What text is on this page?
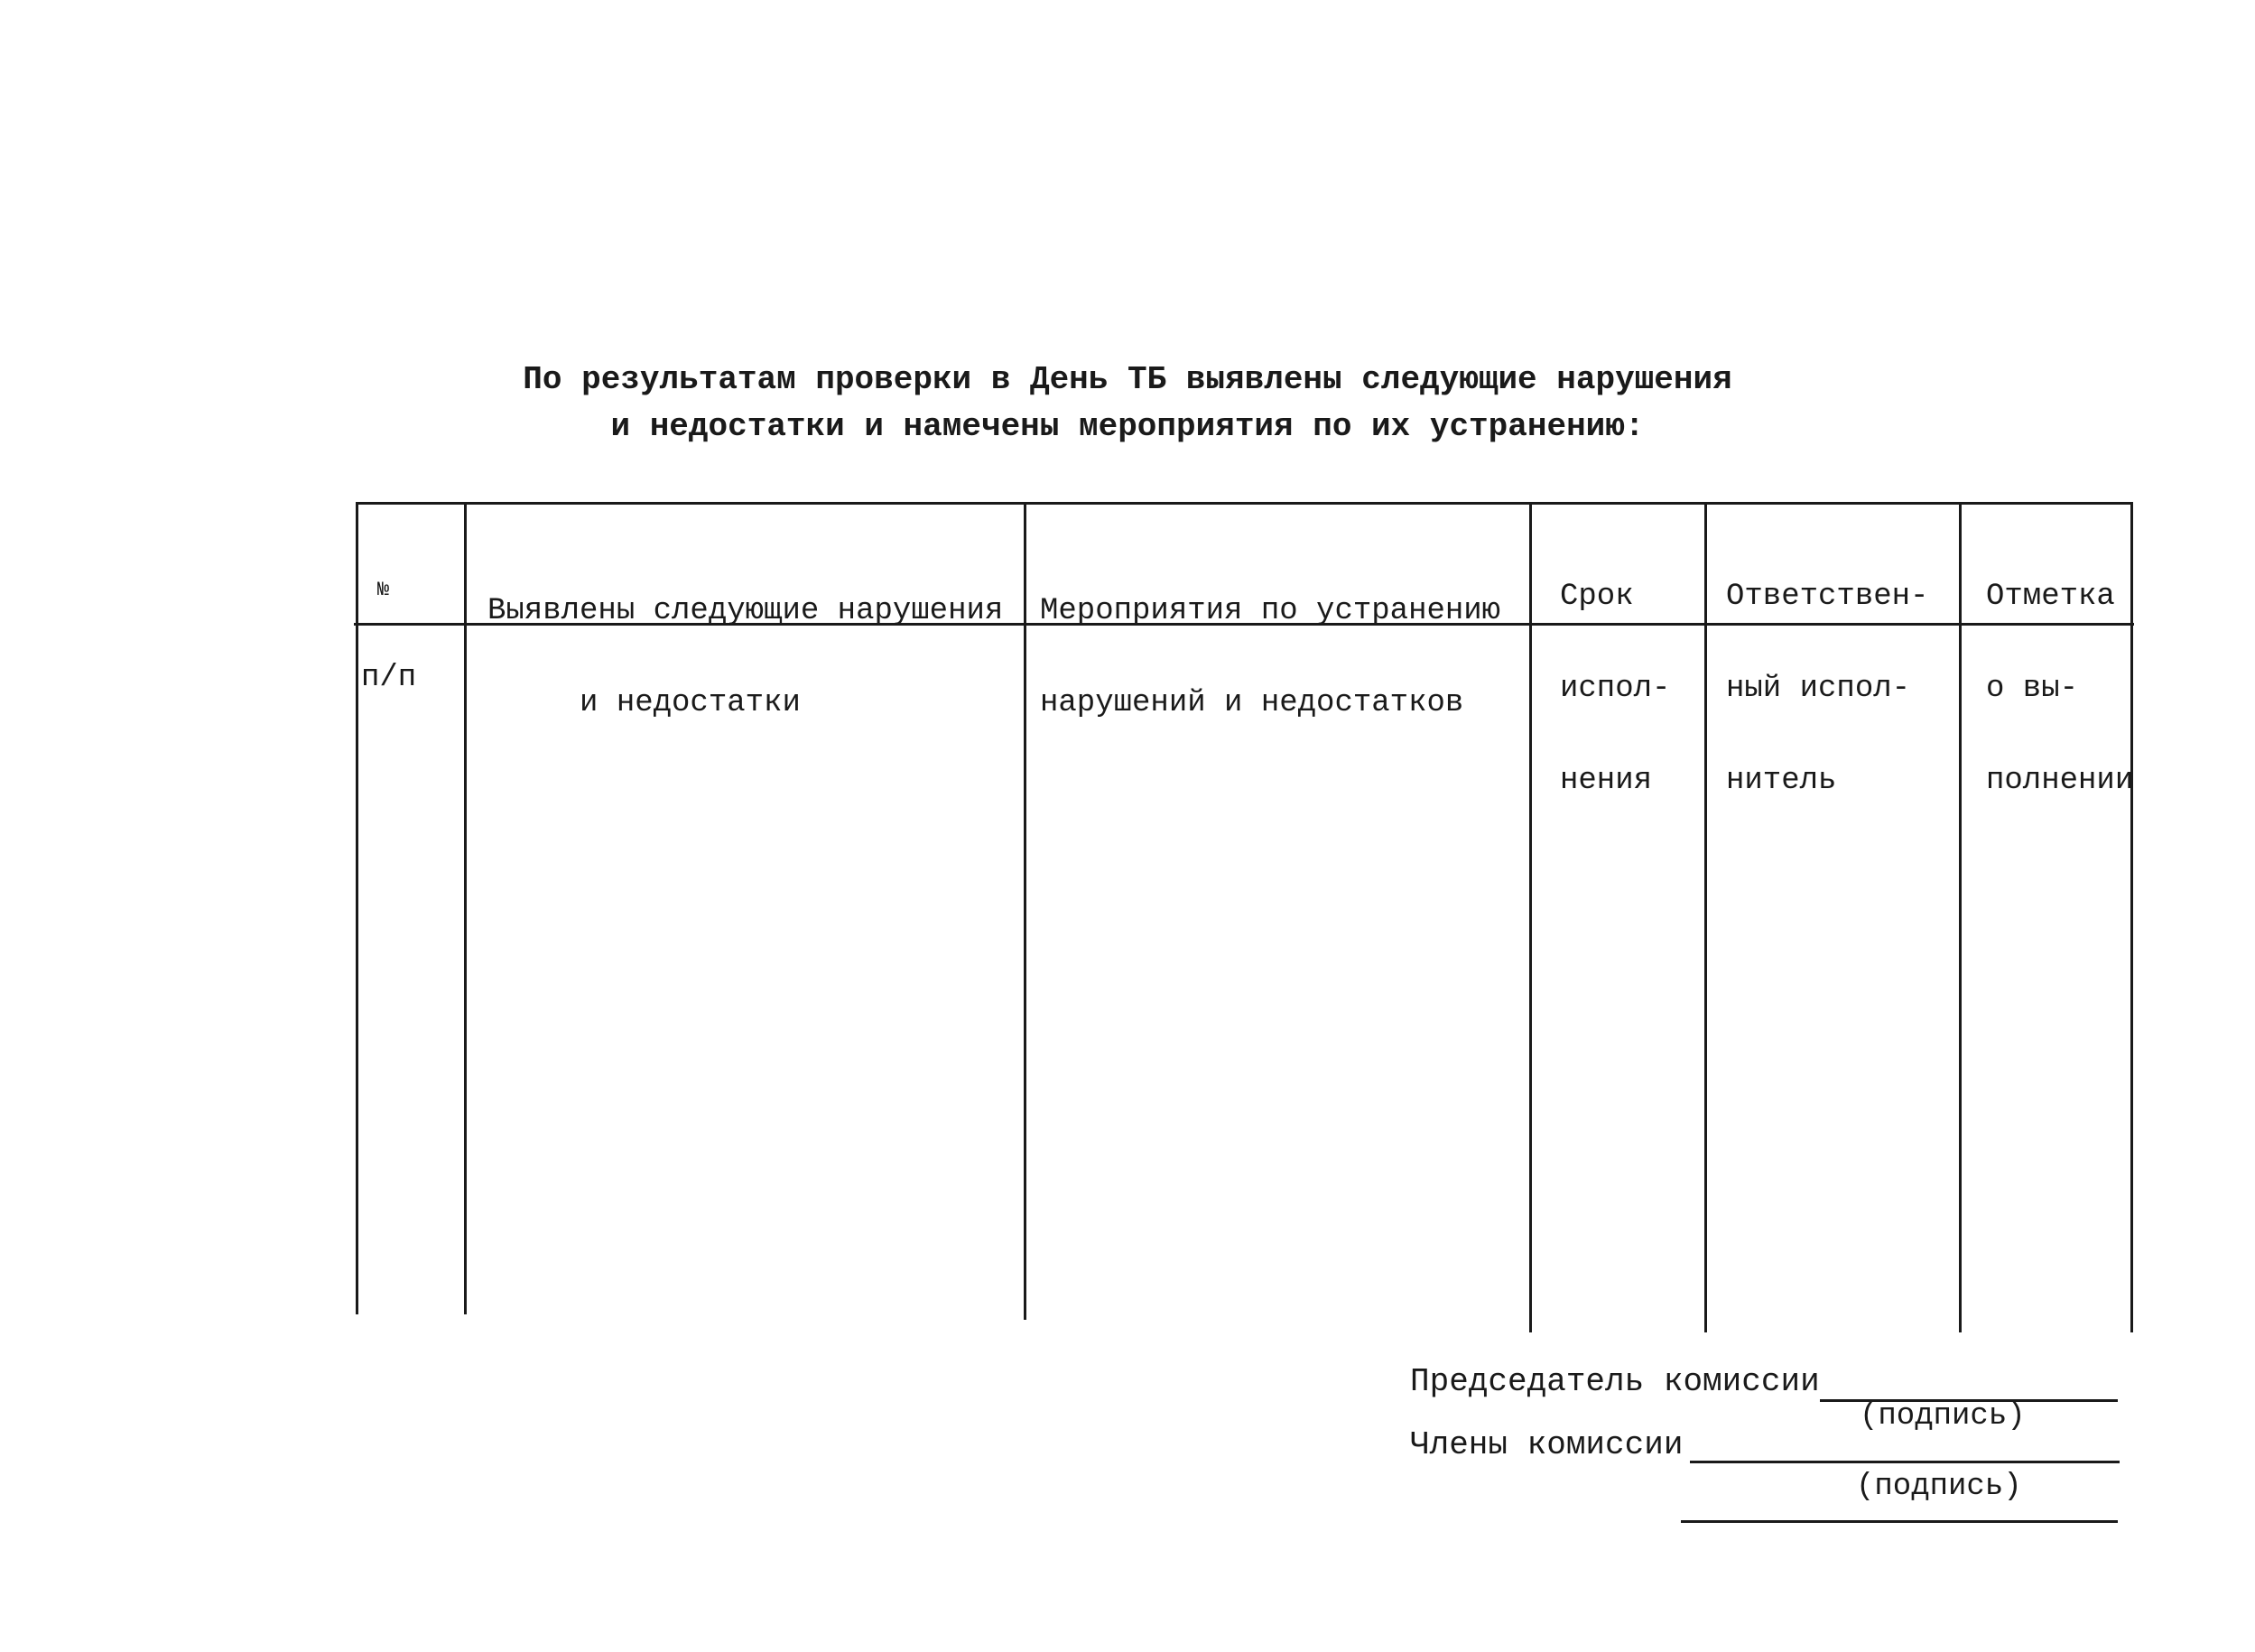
По результатам проверки в День ТБ выявлены следующие нарушения
и недостатки и намечены мероприятия по их устранению:

№

п/п

Выявлены следующие нарушения

и недостатки

Мероприятия по устранению

нарушений и недостатков

Срок

испол-

нения

Ответствен-

ный испол-

нитель

Отметка

о вы-

полнении

Председатель комиссии
(подпись)
Члены комиссии
(подпись)
